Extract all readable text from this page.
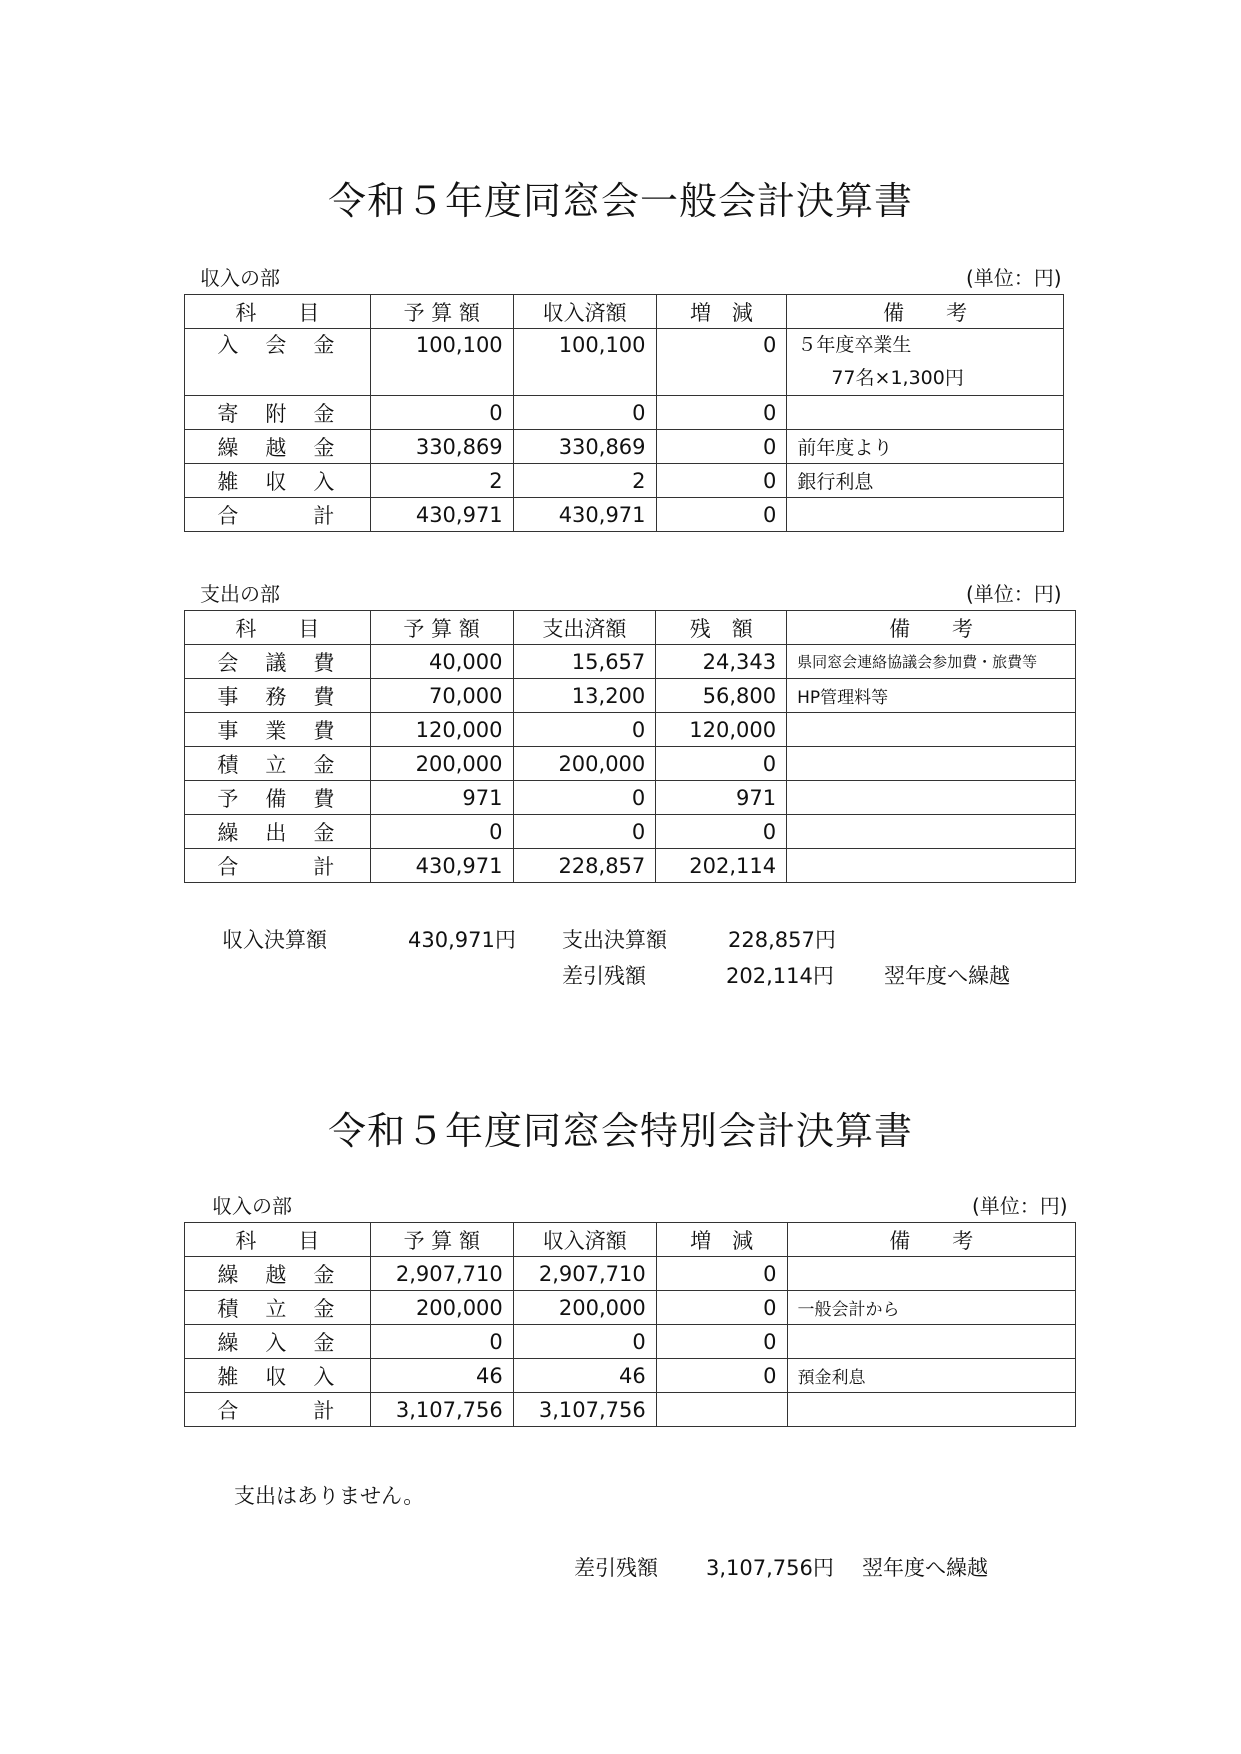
令和５年度同窓会一般会計決算書
収入の部	(単位：円)
科　　目	予 算 額	収入済額	増　減	備　　考
入　会　金	100,100	100,100	0	５年度卒業生
77名×1,300円

寄　附　金	0	0	0	
繰　越　金	330,869	330,869	0	前年度より
雑　収　入	2	2	0	銀行利息
合　　　計	430,971	430,971	0	
支出の部	(単位：円)
科　　目	予 算 額	支出済額	残　額	備　　考
会　議　費	40,000	15,657	24,343	県同窓会連絡協議会参加費・旅費等
事　務　費	70,000	13,200	56,800	HP管理料等
事　業　費	120,000	0	120,000	
積　立　金	200,000	200,000	0	
予　備　費	971	0	971	
繰　出　金	0	0	0	
合　　　計	430,971	228,857	202,114	
収入決算額	430,971円 支出決算額	228,857円
差引残額	202,114円 翌年度へ繰越
令和５年度同窓会特別会計決算書
収入の部	(単位：円)
科　　目	予 算 額	収入済額	増　減	備　　考
繰　越　金	2,907,710	2,907,710	0	
積　立　金	200,000	200,000	0	一般会計から
繰　入　金	0	0	0	
雑　収　入	46	46	0	預金利息
合　　　計	3,107,756	3,107,756		
支出はありません。
差引残額 3,107,756円 翌年度へ繰越
